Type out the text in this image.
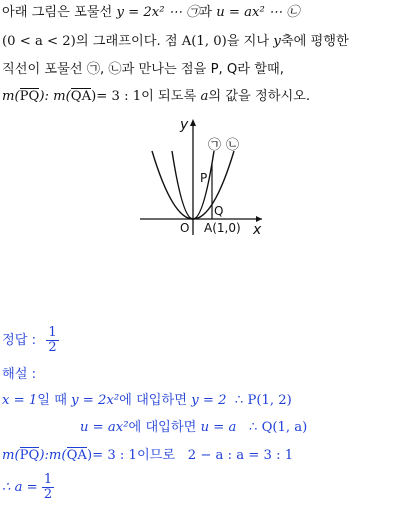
아래 그림은 포물선 y = 2x² ⋯ ㉠과 u = ax² ⋯ ㉡
(0 < a < 2)의 그래프이다. 점 A(1, 0)을 지나 y축에 평행한
직선이 포물선 ㉠, ㉡과 만나는 점을 P, Q라 할때,
m(PQ): m(QA)= 3 : 1이 되도록 a의 값을 정하시오.
㉠ ㉡
y
x
O
P
Q
A(1,0)
정답 : $\frac{1}{2}$
해설 :
x = 1일 때 y = 2x²에 대입하면 y = 2 ∴ P(1, 2)
u = ax²에 대입하면 u = a ∴ Q(1, a)
m(PQ):m(QA)= 3 : 1이므로 2 − a : a = 3 : 1
∴ $a = \frac{1}{2}$
